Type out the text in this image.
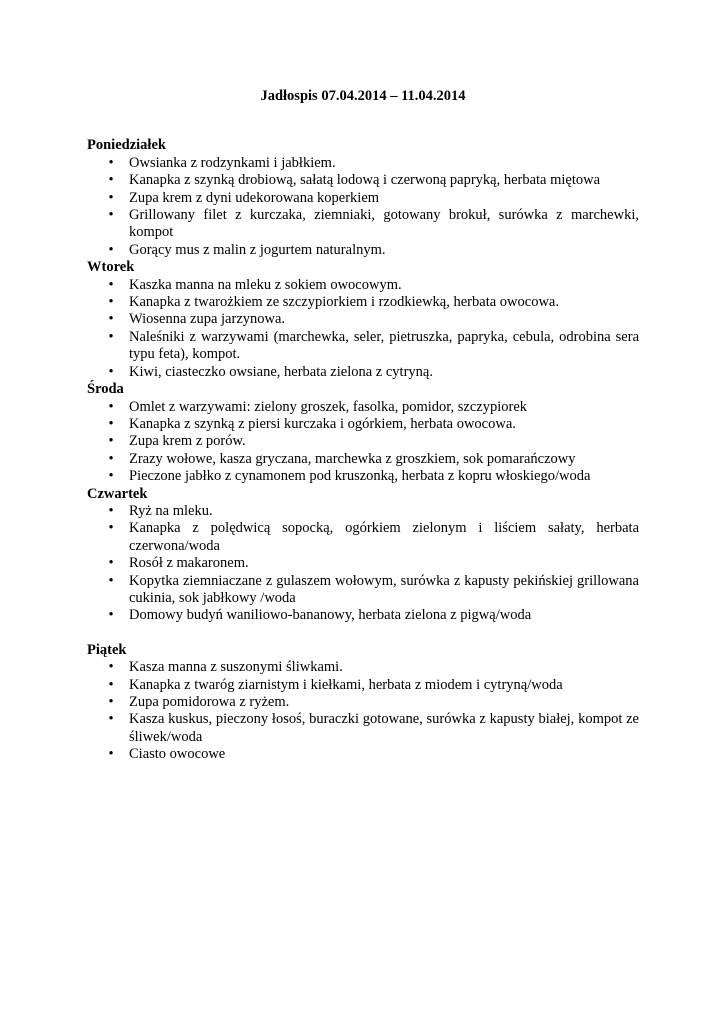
Jadłospis 07.04.2014 – 11.04.2014

Poniedziałek

• Owsianka z rodzynkami i jabłkiem.
• Kanapka z szynką drobiową, sałatą lodową i czerwoną papryką, herbata miętowa
• Zupa krem z dyni udekorowana koperkiem
• Grillowany filet z kurczaka, ziemniaki, gotowany brokuł, surówka z marchewki, kompot
• Gorący mus z malin z jogurtem naturalnym.

Wtorek

• Kaszka manna na mleku z sokiem owocowym.
• Kanapka z twarożkiem ze szczypiorkiem i rzodkiewką, herbata owocowa.
• Wiosenna zupa jarzynowa.
• Naleśniki z warzywami (marchewka, seler, pietruszka, papryka, cebula, odrobina sera typu feta), kompot.
• Kiwi, ciasteczko owsiane, herbata zielona z cytryną.

Środa

• Omlet z warzywami: zielony groszek, fasolka, pomidor, szczypiorek
• Kanapka z szynką z piersi kurczaka i ogórkiem, herbata owocowa.
• Zupa krem z porów.
• Zrazy wołowe, kasza gryczana, marchewka z groszkiem, sok pomarańczowy
• Pieczone jabłko z cynamonem pod kruszonką, herbata z kopru włoskiego/woda

Czwartek

• Ryż na mleku.
• Kanapka z polędwicą sopocką, ogórkiem zielonym i liściem sałaty, herbata czerwona/woda
• Rosół z makaronem.
• Kopytka ziemniaczane z gulaszem wołowym, surówka z kapusty pekińskiej grillowana cukinia, sok jabłkowy /woda
• Domowy budyń waniliowo-bananowy, herbata zielona z pigwą/woda

Piątek

• Kasza manna z suszonymi śliwkami.
• Kanapka z twaróg ziarnistym i kiełkami, herbata z miodem i cytryną/woda
• Zupa pomidorowa z ryżem.
• Kasza kuskus, pieczony łosoś, buraczki gotowane, surówka z kapusty białej, kompot ze śliwek/woda
• Ciasto owocowe
